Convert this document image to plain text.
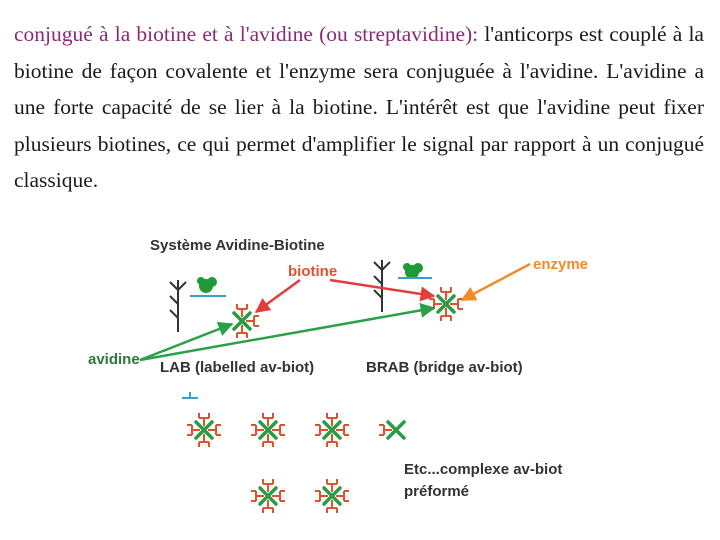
conjugué à la biotine et à l'avidine (ou streptavidine): l'anticorps est couplé à la biotine de façon covalente et l'enzyme sera conjuguée à l'avidine. L'avidine a une forte capacité de se lier à la biotine. L'intérêt est que l'avidine peut fixer plusieurs biotines, ce qui permet d'amplifier le signal par rapport à un conjugué classique.
Système Avidine-Biotine
biotine	enzyme
avidine LAB (labelled av-biot)	BRAB (bridge av-biot)
Etc...complexe av-biot
préformé
